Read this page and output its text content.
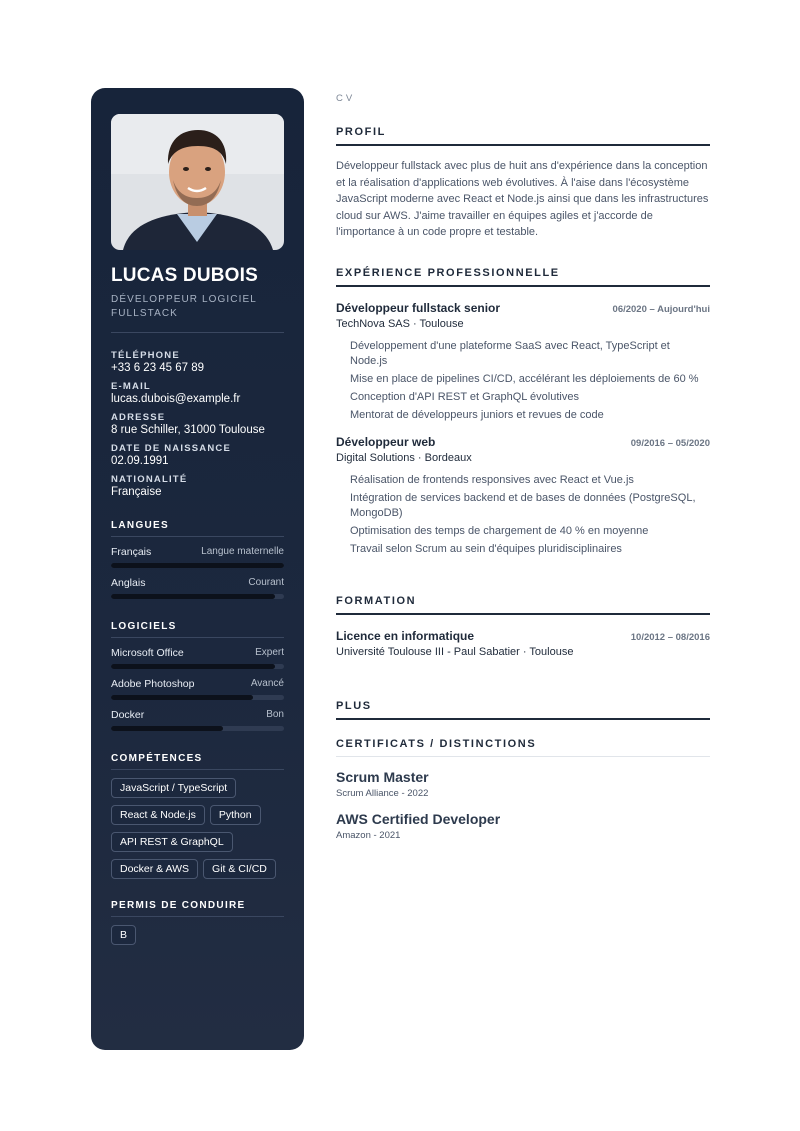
LUCAS DUBOIS
DÉVELOPPEUR LOGICIEL FULLSTACK
TÉLÉPHONE
+33 6 23 45 67 89
E-MAIL
lucas.dubois@example.fr
ADRESSE
8 rue Schiller, 31000 Toulouse
DATE DE NAISSANCE
02.09.1991
NATIONALITÉ
Française
LANGUES
Français	Langue maternelle
Anglais	Courant
LOGICIELS
Microsoft Office	Expert
Adobe Photoshop	Avancé
Docker	Bon
COMPÉTENCES
JavaScript / TypeScript
React & Node.js Python
API REST & GraphQL
Docker & AWS Git & CI/CD
PERMIS DE CONDUIRE
B
CV
PROFIL
Développeur fullstack avec plus de huit ans d'expérience dans la conception et la réalisation d'applications web évolutives. À l'aise dans l'écosystème JavaScript moderne avec React et Node.js ainsi que dans les infrastructures cloud sur AWS. J'aime travailler en équipes agiles et j'accorde de l'importance à un code propre et testable.
EXPÉRIENCE PROFESSIONNELLE
Développeur fullstack senior	06/2020 – Aujourd'hui
TechNova SAS · Toulouse
Développement d'une plateforme SaaS avec React, TypeScript et Node.js
Mise en place de pipelines CI/CD, accélérant les déploiements de 60 %
Conception d'API REST et GraphQL évolutives
Mentorat de développeurs juniors et revues de code
Développeur web	09/2016 – 05/2020
Digital Solutions · Bordeaux
Réalisation de frontends responsives avec React et Vue.js
Intégration de services backend et de bases de données (PostgreSQL, MongoDB)
Optimisation des temps de chargement de 40 % en moyenne
Travail selon Scrum au sein d'équipes pluridisciplinaires
FORMATION
Licence en informatique	10/2012 – 08/2016
Université Toulouse III - Paul Sabatier · Toulouse
PLUS
CERTIFICATS / DISTINCTIONS
Scrum Master
Scrum Alliance - 2022
AWS Certified Developer
Amazon - 2021
